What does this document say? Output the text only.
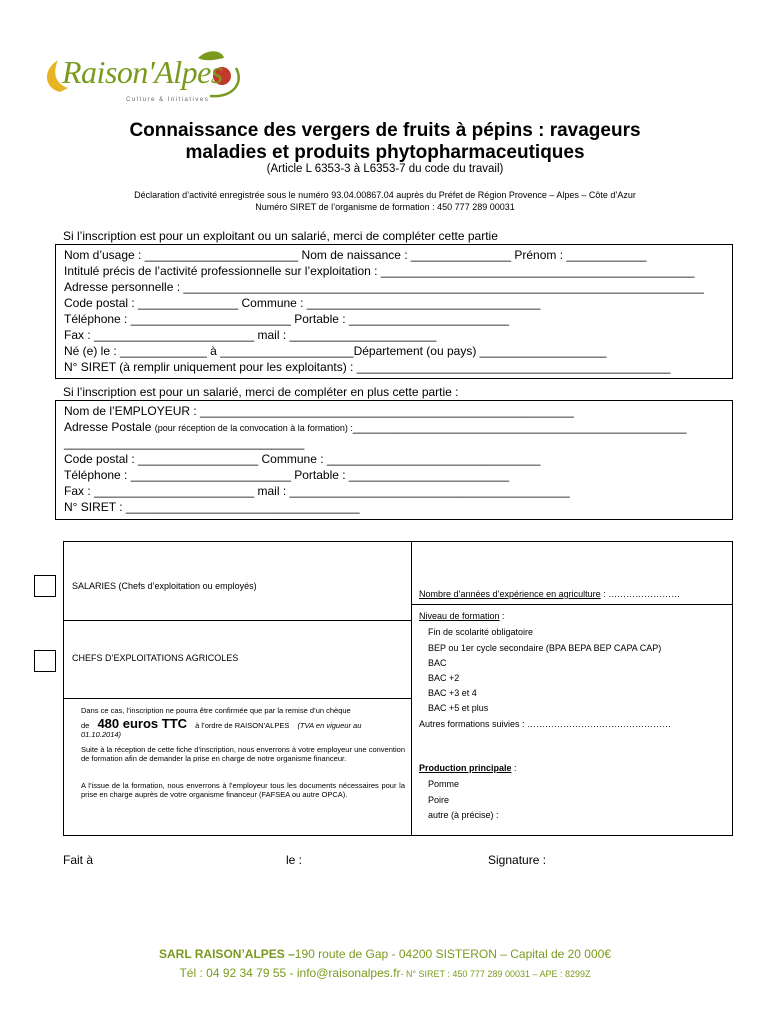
Raison'Alpes
Culture & Initiatives
Connaissance des vergers de fruits à pépins : ravageurs
maladies et produits phytopharmaceutiques
(Article L 6353-3 à L6353-7 du code du travail)
Déclaration d’activité enregistrée sous le numéro 93.04.00867.04 auprès du Préfet de Région Provence – Alpes – Côte d’Azur
Numéro SIRET de l’organisme de formation : 450 777 289 00031
Si l’inscription est pour un exploitant ou un salarié, merci de compléter cette partie
Nom d’usage : _______________________ Nom de naissance : _______________ Prénom : ____________
Intitulé précis de l’activité professionnelle sur l’exploitation : _______________________________________________
Adresse personnelle : ______________________________________________________________________________
Code postal : _______________ Commune : ___________________________________
Téléphone : ________________________ Portable : ________________________
Fax : ________________________ mail : ______________________
Né (e) le : _____________ à ____________________Département (ou pays) ___________________
N° SIRET (à remplir uniquement pour les exploitants) : _______________________________________________
Si l’inscription est pour un salarié, merci de compléter en plus cette partie :
Nom de l’EMPLOYEUR : ________________________________________________________
Adresse Postale (pour réception de la convocation à la formation) :__________________________________________________
____________________________________
Code postal : __________________ Commune : ________________________________
Téléphone : ________________________ Portable : ________________________
Fax : ________________________ mail : __________________________________________
N° SIRET : ___________________________________
SALARIES (Chefs d’exploitation ou employés)
CHEFS D’EXPLOITATIONS AGRICOLES
Dans ce cas, l’inscription ne pourra être confirmée que par la remise d’un chèque
de 480 euros TTC à l’ordre de RAISON’ALPES (TVA en vigueur au
01.10.2014)
Suite à la réception de cette fiche d’inscription, nous enverrons à votre employeur une convention de formation afin de demander la prise en charge de notre organisme financeur.
A l’issue de la formation, nous enverrons à l’employeur tous les documents nécessaires pour la prise en charge auprès de votre organisme financeur (FAFSEA ou autre OPCA).
Nombre d’années d’expérience en agriculture : ……………………
Niveau de formation :
Fin de scolarité obligatoire
BEP ou 1er cycle secondaire (BPA BEPA BEP CAPA CAP)
BAC
BAC +2
BAC +3 et 4
BAC +5 et plus
Autres formations suivies : …………………………………………
Production principale :
Pomme
Poire
autre (à précise) :
Fait à	le :	Signature :
SARL RAISON’ALPES –190 route de Gap - 04200 SISTERON – Capital de 20 000€
Tél : 04 92 34 79 55 - info@raisonalpes.fr- N° SIRET : 450 777 289 00031 – APE : 8299Z
